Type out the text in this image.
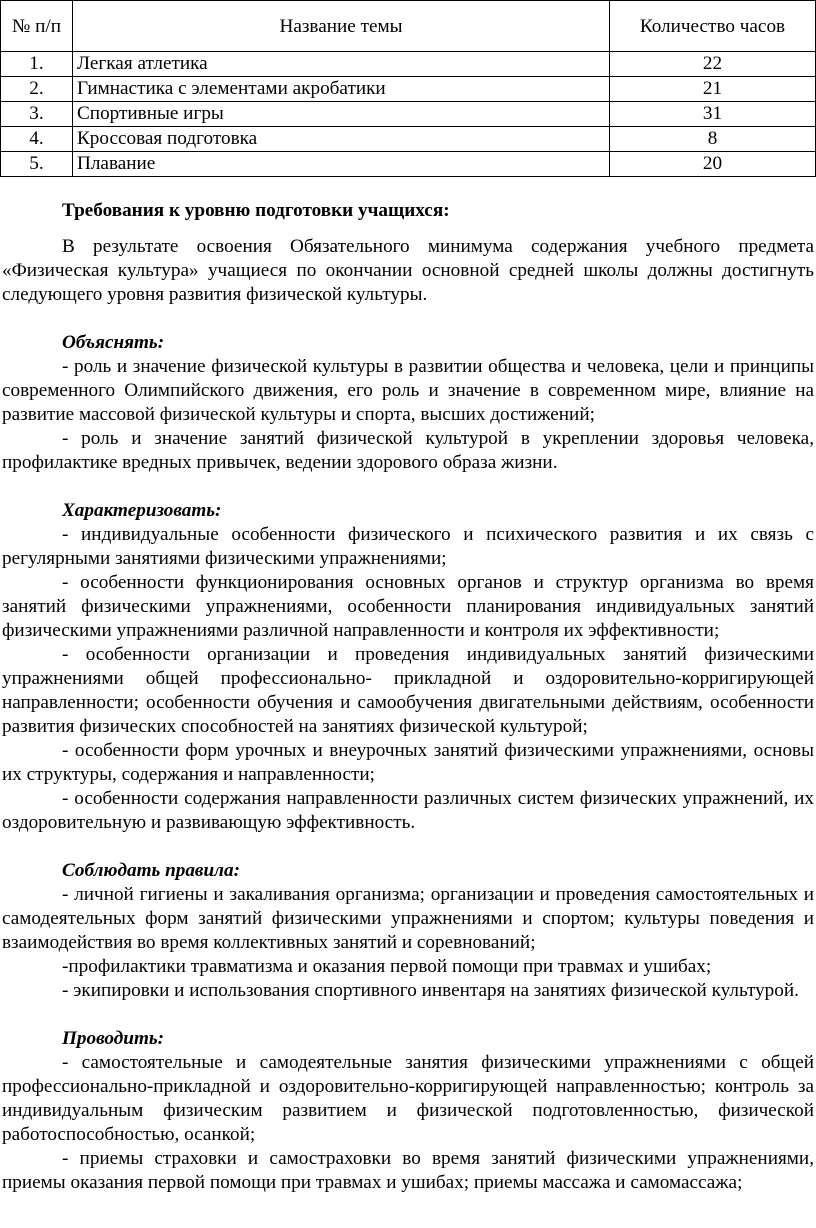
№ п/п	Название темы	Количество часов
1.	Легкая атлетика	22
2.	Гимнастика с элементами акробатики	21
3.	Спортивные игры	31
4.	Кроссовая подготовка	8
5.	Плавание	20

Требования к уровню подготовки учащихся:

В результате освоения Обязательного минимума содержания учебного предмета «Физическая культура» учащиеся по окончании основной средней школы должны достигнуть следующего уровня развития физической культуры.

Объяснять:

- роль и значение физической культуры в развитии общества и человека, цели и принципы современного Олимпийского движения, его роль и значение в современном мире, влияние на развитие массовой физической культуры и спорта, высших достижений;

- роль и значение занятий физической культурой в укреплении здоровья человека, профилактике вредных привычек, ведении здорового образа жизни.

Характеризовать:

- индивидуальные особенности физического и психического развития и их связь с регулярными занятиями физическими упражнениями;

- особенности функционирования основных органов и структур организма во время занятий физическими упражнениями, особенности планирования индивидуальных занятий физическими упражнениями различной направленности и контроля их эффективности;

- особенности организации и проведения индивидуальных занятий физическими упражнениями общей профессионально- прикладной и оздоровительно-корригирующей направленности; особенности обучения и самообучения двигательными действиям, особенности развития физических способностей на занятиях физической культурой;

- особенности форм урочных и внеурочных занятий физическими упражнениями, основы их структуры, содержания и направленности;

- особенности содержания направленности различных систем физических упражнений, их оздоровительную и развивающую эффективность.

Соблюдать правила:

- личной гигиены и закаливания организма; организации и проведения самостоятельных и самодеятельных форм занятий физическими упражнениями и спортом; культуры поведения и взаимодействия во время коллективных занятий и соревнований;

-профилактики травматизма и оказания первой помощи при травмах и ушибах;

- экипировки и использования спортивного инвентаря на занятиях физической культурой.

Проводить:

- самостоятельные и самодеятельные занятия физическими упражнениями с общей профессионально-прикладной и оздоровительно-корригирующей направленностью; контроль за индивидуальным физическим развитием и физической подготовленностью, физической работоспособностью, осанкой;

- приемы страховки и самостраховки во время занятий физическими упражнениями, приемы оказания первой помощи при травмах и ушибах; приемы массажа и самомассажа;
